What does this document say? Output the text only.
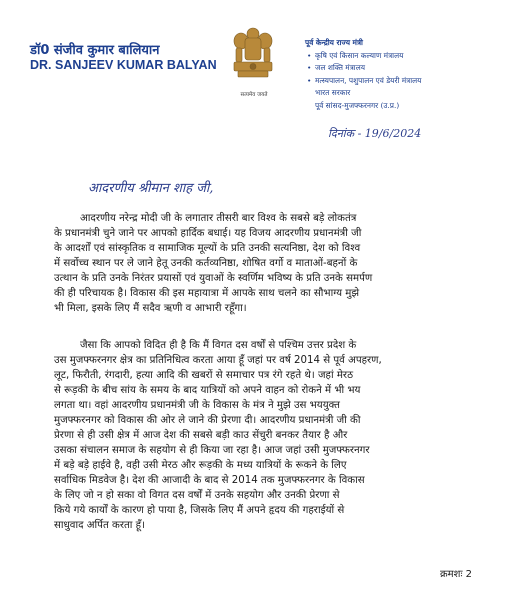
डॉ0 संजीव कुमार बालियान
DR. SANJEEV KUMAR BALYAN
सत्यमेव जयते
पूर्व केन्द्रीय राज्य मंत्री
• कृषि एवं किसान कल्याण मंत्रालय
• जल शक्ति मंत्रालय
• मत्स्यपालन, पशुपालन एवं डेयरी मंत्रालय
भारत सरकार
पूर्व सांसद-मुजफ्फरनगर (उ.प्र.)
दिनांक - 19/6/2024
आदरणीय श्रीमान शाह जी,
आदरणीय नरेन्द्र मोदी जी के लगातार तीसरी बार विश्व के सबसे बड़े लोकतंत्र
के प्रधानमंत्री चुने जाने पर आपको हार्दिक बधाई। यह विजय आदरणीय प्रधानमंत्री जी
के आदर्शों एवं सांस्कृतिक व सामाजिक मूल्यों के प्रति उनकी सत्यनिष्ठा, देश को विश्व
में सर्वोच्च स्थान पर ले जाने हेतू उनकी कर्तव्यनिष्ठा, शोषित वर्गो व माताओं-बहनों के
उत्थान के प्रति उनके निरंतर प्रयासों एवं युवाओं के स्वर्णिम भविष्य के प्रति उनके समर्पण
की ही परिचायक है। विकास की इस महायात्रा में आपके साथ चलने का सौभाग्य मुझे
भी मिला, इसके लिए मैं सदैव ऋणी व आभारी रहूँगा।
जैसा कि आपको विदित ही है कि मैं विगत दस वर्षों से पश्चिम उत्तर प्रदेश के
उस मुजफ्फरनगर क्षेत्र का प्रतिनिधित्व करता आया हूँ जहां पर वर्ष 2014 से पूर्व अपहरण,
लूट, फिरौती, रंगदारी, हत्या आदि की खबरों से समाचार पत्र रंगे रहते थे। जहां मेरठ
से रूड़की के बीच सांय के समय के बाद यात्रियों को अपने वाहन को रोकने में भी भय
लगता था। वहां आदरणीय प्रधानमंत्री जी के विकास के मंत्र ने मुझे उस भययुक्त
मुजफ्फरनगर को विकास की ओर ले जाने की प्रेरणा दी। आदरणीय प्रधानमंत्री जी की
प्रेरणा से ही उसी क्षेत्र में आज देश की सबसे बड़ी काउ सेंचुरी बनकर तैयार है और
उसका संचालन समाज के सहयोग से ही किया जा रहा है। आज जहां उसी मुजफ्फरनगर
में बड़े बड़े हाईवे है, वही उसी मेरठ और रूड़की के मध्य यात्रियों के रूकने के लिए
सर्वाधिक मिडवेज है। देश की आजादी के बाद से 2014 तक मुजफ्फरनगर के विकास
के लिए जो न हो सका वो विगत दस वर्षों में उनके सहयोग और उनकी प्रेरणा से
किये गये कार्यों के कारण हो पाया है, जिसके लिए मैं अपने हृदय की गहराईयों से
साधुवाद अर्पित करता हूँ।
क्रमशः 2
